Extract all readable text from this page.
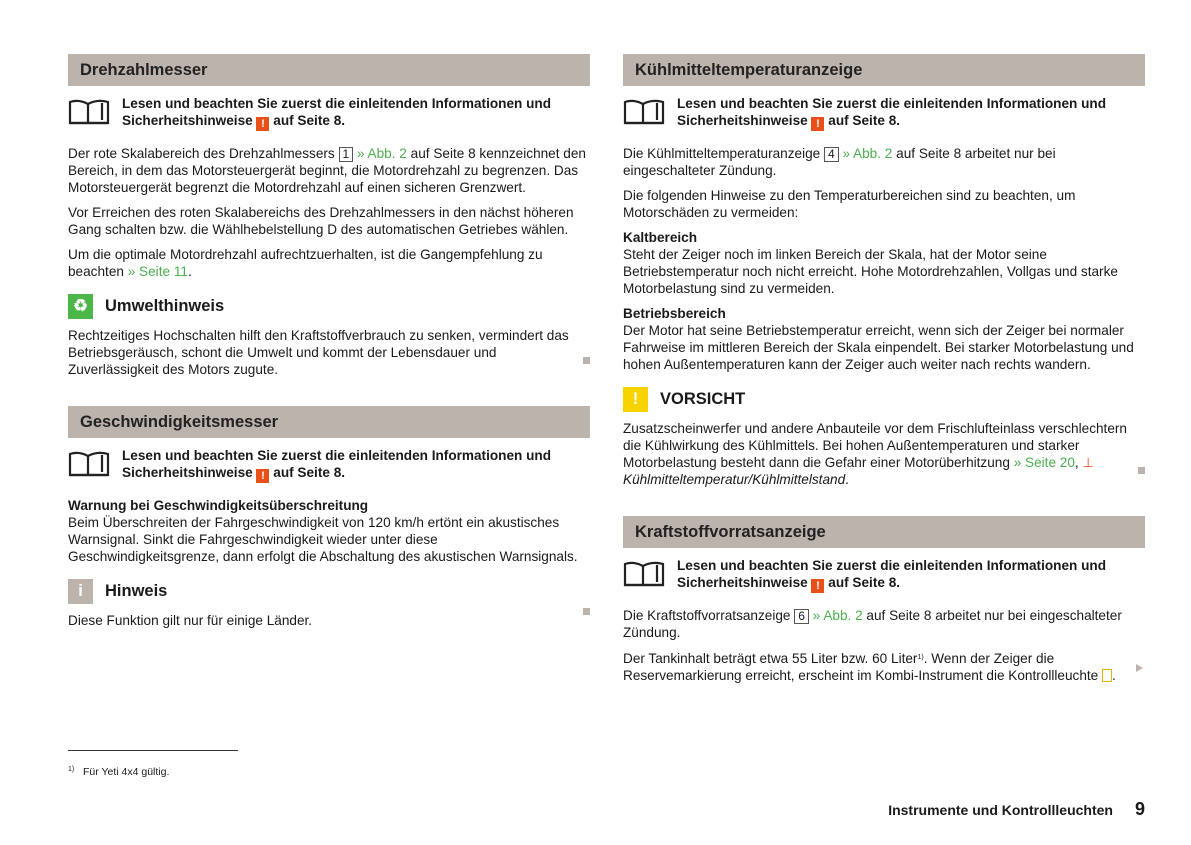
Drehzahlmesser
Lesen und beachten Sie zuerst die einleitenden Informationen und Sicherheitshinweise ! auf Seite 8.

Der rote Skalabereich des Drehzahlmessers 1 » Abb. 2 auf Seite 8 kennzeichnet den Bereich, in dem das Motorsteuergerät beginnt, die Motordrehzahl zu begrenzen. Das Motorsteuergerät begrenzt die Motordrehzahl auf einen sicheren Grenzwert.

Vor Erreichen des roten Skalabereichs des Drehzahlmessers in den nächst höheren Gang schalten bzw. die Wählhebelstellung D des automatischen Getriebes wählen.

Um die optimale Motordrehzahl aufrechtzuerhalten, ist die Gangempfehlung zu beachten » Seite 11.

♻	Umwelthinweis

Rechtzeitiges Hochschalten hilft den Kraftstoffverbrauch zu senken, vermindert das Betriebsgeräusch, schont die Umwelt und kommt der Lebensdauer und Zuverlässigkeit des Motors zugute.

Geschwindigkeitsmesser
Lesen und beachten Sie zuerst die einleitenden Informationen und Sicherheitshinweise ! auf Seite 8.

Warnung bei Geschwindigkeitsüberschreitung

Beim Überschreiten der Fahrgeschwindigkeit von 120 km/h ertönt ein akustisches Warnsignal. Sinkt die Fahrgeschwindigkeit wieder unter diese Geschwindigkeitsgrenze, dann erfolgt die Abschaltung des akustischen Warnsignals.

i	Hinweis

Diese Funktion gilt nur für einige Länder.

Kühlmitteltemperaturanzeige
Lesen und beachten Sie zuerst die einleitenden Informationen und Sicherheitshinweise ! auf Seite 8.

Die Kühlmitteltemperaturanzeige 4 » Abb. 2 auf Seite 8 arbeitet nur bei eingeschalteter Zündung.

Die folgenden Hinweise zu den Temperaturbereichen sind zu beachten, um Motorschäden zu vermeiden:

Kaltbereich

Steht der Zeiger noch im linken Bereich der Skala, hat der Motor seine Betriebstemperatur noch nicht erreicht. Hohe Motordrehzahlen, Vollgas und starke Motorbelastung sind zu vermeiden.

Betriebsbereich

Der Motor hat seine Betriebstemperatur erreicht, wenn sich der Zeiger bei normaler Fahrweise im mittleren Bereich der Skala einpendelt. Bei starker Motorbelastung und hohen Außentemperaturen kann der Zeiger auch weiter nach rechts wandern.

!	VORSICHT

Zusatzscheinwerfer und andere Anbauteile vor dem Frischlufteinlass verschlechtern die Kühlwirkung des Kühlmittels. Bei hohen Außentemperaturen und starker Motorbelastung besteht dann die Gefahr einer Motorüberhitzung » Seite 20, ⊥ Kühlmitteltemperatur/Kühlmittelstand.

Kraftstoffvorratsanzeige
Lesen und beachten Sie zuerst die einleitenden Informationen und Sicherheitshinweise ! auf Seite 8.

Die Kraftstoffvorratsanzeige 6 » Abb. 2 auf Seite 8 arbeitet nur bei eingeschalteter Zündung.

Der Tankinhalt beträgt etwa 55 Liter bzw. 60 Liter$^{1)}$. Wenn der Zeiger die Reservemarkierung erreicht, erscheint im Kombi-Instrument die Kontrollleuchte .

$^{1)}$ Für Yeti 4x4 gültig.
Instrumente und Kontrollleuchten 9
